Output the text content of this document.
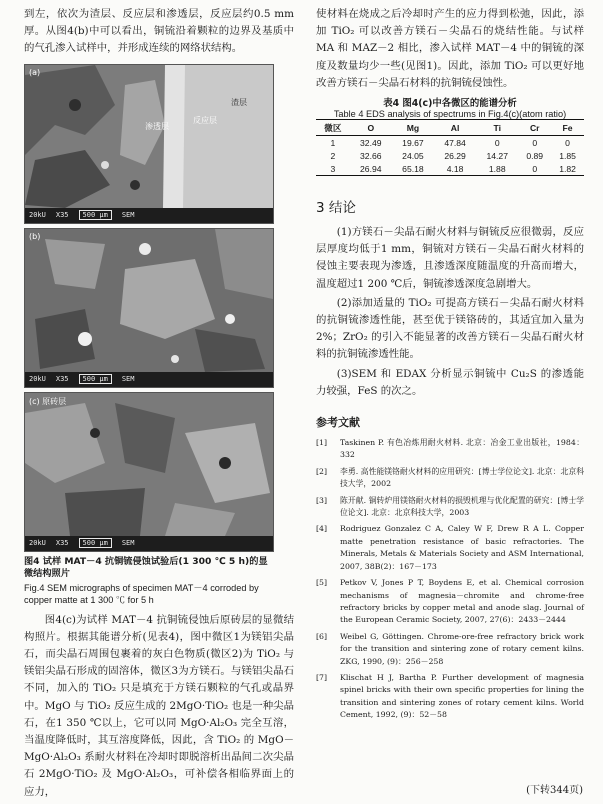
到左，依次为渣层、反应层和渗透层，反应层约0.5 mm厚。从图4(b)中可以看出，铜锍沿着颗粒的边界及基质中的气孔渗入试样中，并形成连续的网络状结构。

(a)
渗透层
反应层
渣层
20kU X35	500 μm	SEM
(b)
20kU X35	500 μm	SEM
(c) 原砖层
20kU X35	500 μm	SEM
图4 试样 MAT－4 抗铜锍侵蚀试验后(1 300 ℃ 5 h)的显微结构照片
Fig.4 SEM micrographs of specimen MAT－4 corroded by copper matte at 1 300 ℃ for 5 h

图4(c)为试样 MAT－4 抗铜锍侵蚀后原砖层的显微结构照片。根据其能谱分析(见表4)，图中微区1为镁铝尖晶石，而尖晶石周围包裹着的灰白色物质(微区2)为 TiO₂ 与镁铝尖晶石形成的固溶体，微区3为方镁石。与镁铝尖晶石不同，加入的 TiO₂ 只是填充于方镁石颗粒的气孔或晶界中。MgO 与 TiO₂ 反应生成的 2MgO·TiO₂ 也是一种尖晶石，在1 350 ℃以上，它可以同 MgO·Al₂O₃ 完全互溶，当温度降低时，其互溶度降低，因此，含 TiO₂ 的 MgO－MgO·Al₂O₃ 系耐火材料在冷却时即脱溶析出晶间二次尖晶石 2MgO·TiO₂ 及 MgO·Al₂O₃，可补偿各相临界面上的应力，

使材料在烧成之后冷却时产生的应力得到松弛，因此，添加 TiO₂ 可以改善方镁石－尖晶石的烧结性能。与试样 MA 和 MAZ－2 相比，渗入试样 MAT－4 中的铜锍的深度及数量均少一些(见图1)。因此，添加 TiO₂ 可以更好地改善方镁石－尖晶石材料的抗铜锍侵蚀性。

表4 图4(c)中各微区的能谱分析
Table 4 EDS analysis of spectrums in Fig.4(c)(atom ratio)
微区	O	Mg	Al	Ti	Cr	Fe
1	32.49	19.67	47.84	0	0	0
2	32.66	24.05	26.29	14.27	0.89	1.85
3	26.94	65.18	4.18	1.88	0	1.82
3 结论

(1)方镁石－尖晶石耐火材料与铜锍反应很微弱，反应层厚度均低于1 mm，铜锍对方镁石－尖晶石耐火材料的侵蚀主要表现为渗透，且渗透深度随温度的升高而增大，温度超过1 200 ℃后，铜锍渗透深度急剧增大。

(2)添加适量的 TiO₂ 可提高方镁石－尖晶石耐火材料的抗铜锍渗透性能，甚至优于镁铬砖的，其适宜加入量为2%；ZrO₂ 的引入不能显著的改善方镁石－尖晶石耐火材料的抗铜锍渗透性能。

(3)SEM 和 EDAX 分析显示铜锍中 Cu₂S 的渗透能力较强，FeS 的次之。

参考文献
[1]	Taskinen P. 有色冶炼用耐火材料. 北京：冶金工业出版社，1984：332
[2]	李勇. 高性能镁铬耐火材料的应用研究：[博士学位论文]. 北京：北京科技大学，2002
[3]	陈开献. 铜转炉用镁铬耐火材料的损毁机理与优化配置的研究：[博士学位论文]. 北京：北京科技大学，2003
[4]	Rodriguez Gonzalez C A, Caley W F, Drew R A L. Copper matte penetration resistance of basic refractories. The Minerals, Metals & Materials Society and ASM International, 2007, 38B(2)：167－173
[5]	Petkov V, Jones P T, Boydens E, et al. Chemical corrosion mechanisms of magnesia－chromite and chrome-free refractory bricks by copper metal and anode slag. Journal of the European Ceramic Society, 2007, 27(6)：2433－2444
[6]	Weibel G, Göttingen. Chrome-ore-free refractory brick work for the transition and sintering zone of rotary cement kilns. ZKG, 1990, (9)：256－258
[7]	Klischat H J, Bartha P. Further development of magnesia spinel bricks with their own specific properties for lining the transition and sintering zones of rotary cement kilns. World Cement, 1992, (9)：52－58
(下转344页)
